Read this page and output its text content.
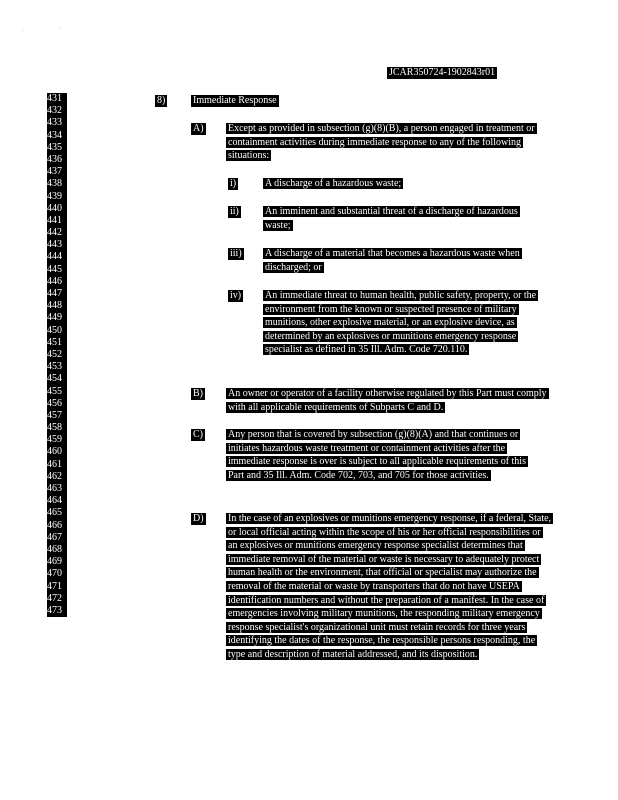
·	·
JCAR350724-1902843r01
431
432
433
434
435
436
437
438
439
440
441
442
443
444
445
446
447
448
449
450
451
452
453
454
455
456
457
458
459
460
461
462
463
464
465
466
467
468
469
470
471
472
473
8)	Immediate Response
A) Except as provided in subsection (g)(8)(B), a person engaged in treatment or containment activities during immediate response to any of the following situations:
i)	A discharge of a hazardous waste;
ii)	An imminent and substantial threat of a discharge of hazardous waste;
iii) A discharge of a material that becomes a hazardous waste when discharged; or
iv) An immediate threat to human health, public safety, property, or the environment from the known or suspected presence of military munitions, other explosive material, or an explosive device, as determined by an explosives or munitions emergency response specialist as defined in 35 Ill. Adm. Code 720.110.
B)	An owner or operator of a facility otherwise regulated by this Part must comply with all applicable requirements of Subparts C and D.
C)	Any person that is covered by subsection (g)(8)(A) and that continues or initiates hazardous waste treatment or containment activities after the immediate response is over is subject to all applicable requirements of this Part and 35 Ill. Adm. Code 702, 703, and 705 for those activities.
D) In the case of an explosives or munitions emergency response, if a federal, State, or local official acting within the scope of his or her official responsibilities or an explosives or munitions emergency response specialist determines that immediate removal of the material or waste is necessary to adequately protect human health or the environment, that official or specialist may authorize the removal of the material or waste by transporters that do not have USEPA identification numbers and without the preparation of a manifest. In the case of emergencies involving military munitions, the responding military emergency response specialist's organizational unit must retain records for three years identifying the dates of the response, the responsible persons responding, the type and description of material addressed, and its disposition.
